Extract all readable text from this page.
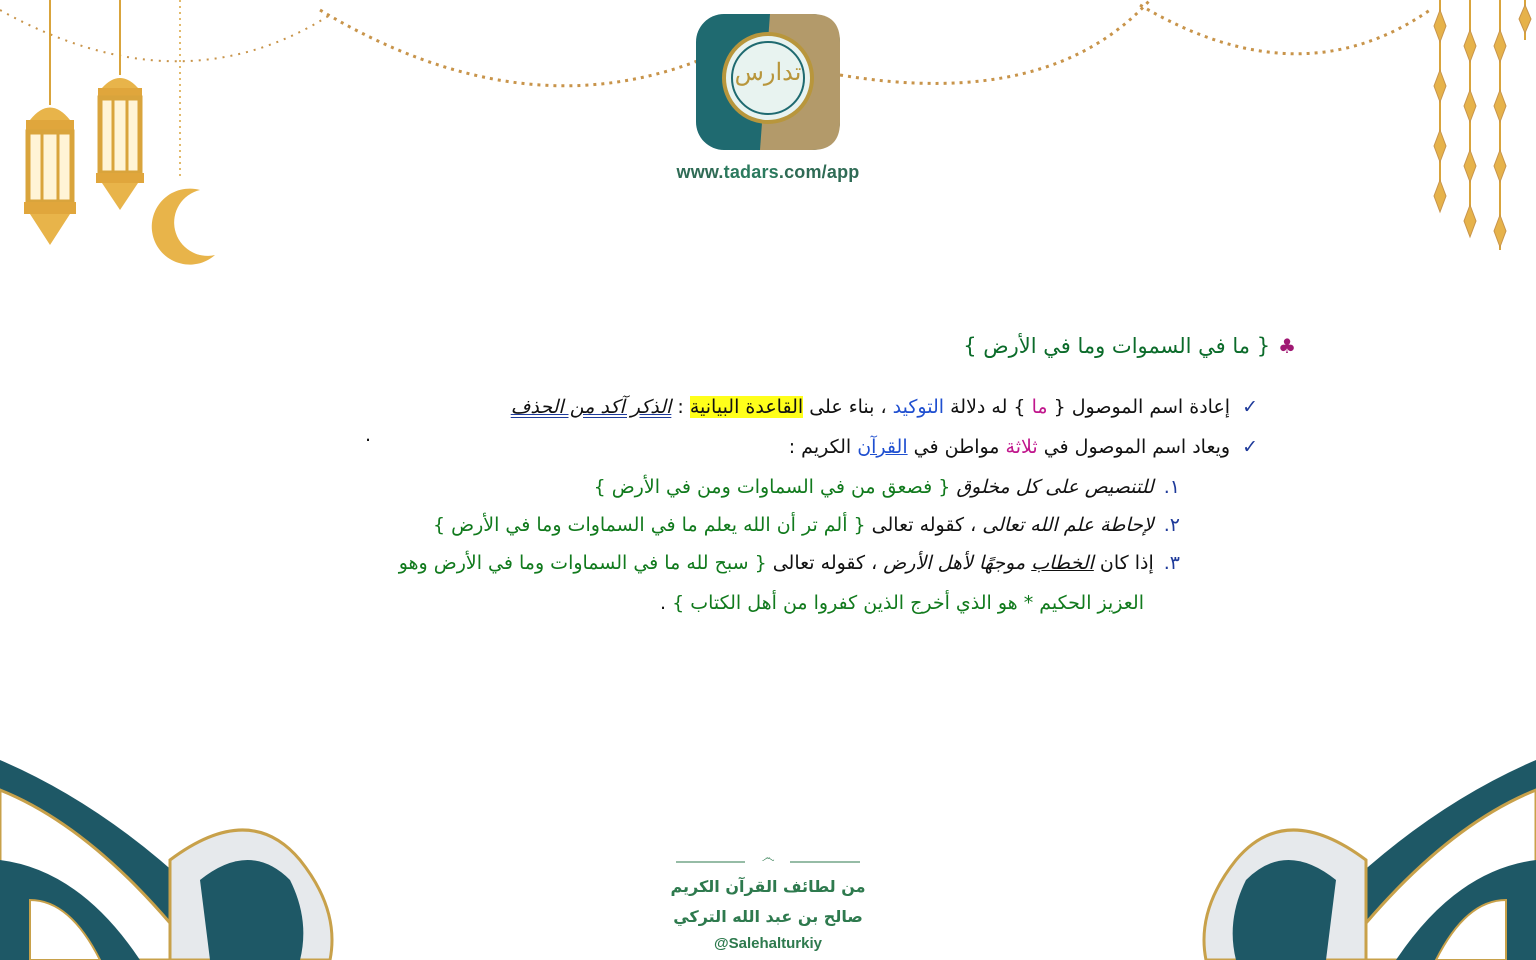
تدارس
www.tadars.com/app
♣{ ما في السموات وما في الأرض }
✓إعادة اسم الموصول { ما } له دلالة التوكيد ، بناء على القاعدة البيانية : الذكر آكد من الحذف
.
✓ويعاد اسم الموصول في ثلاثة مواطن في القرآن الكريم :
١.للتنصيص على كل مخلوق { فصعق من في السماوات ومن في الأرض }
٢.لإحاطة علم الله تعالى ، كقوله تعالى { ألم تر أن الله يعلم ما في السماوات وما في الأرض }
٣.إذا كان الخطاب موجهًا لأهل الأرض ، كقوله تعالى { سبح لله ما في السماوات وما في الأرض وهو
العزيز الحكيم * هو الذي أخرج الذين كفروا من أهل الكتاب } .
෴
من لطائف القرآن الكريم
صالح بن عبد الله التركي
@Salehalturkiy
